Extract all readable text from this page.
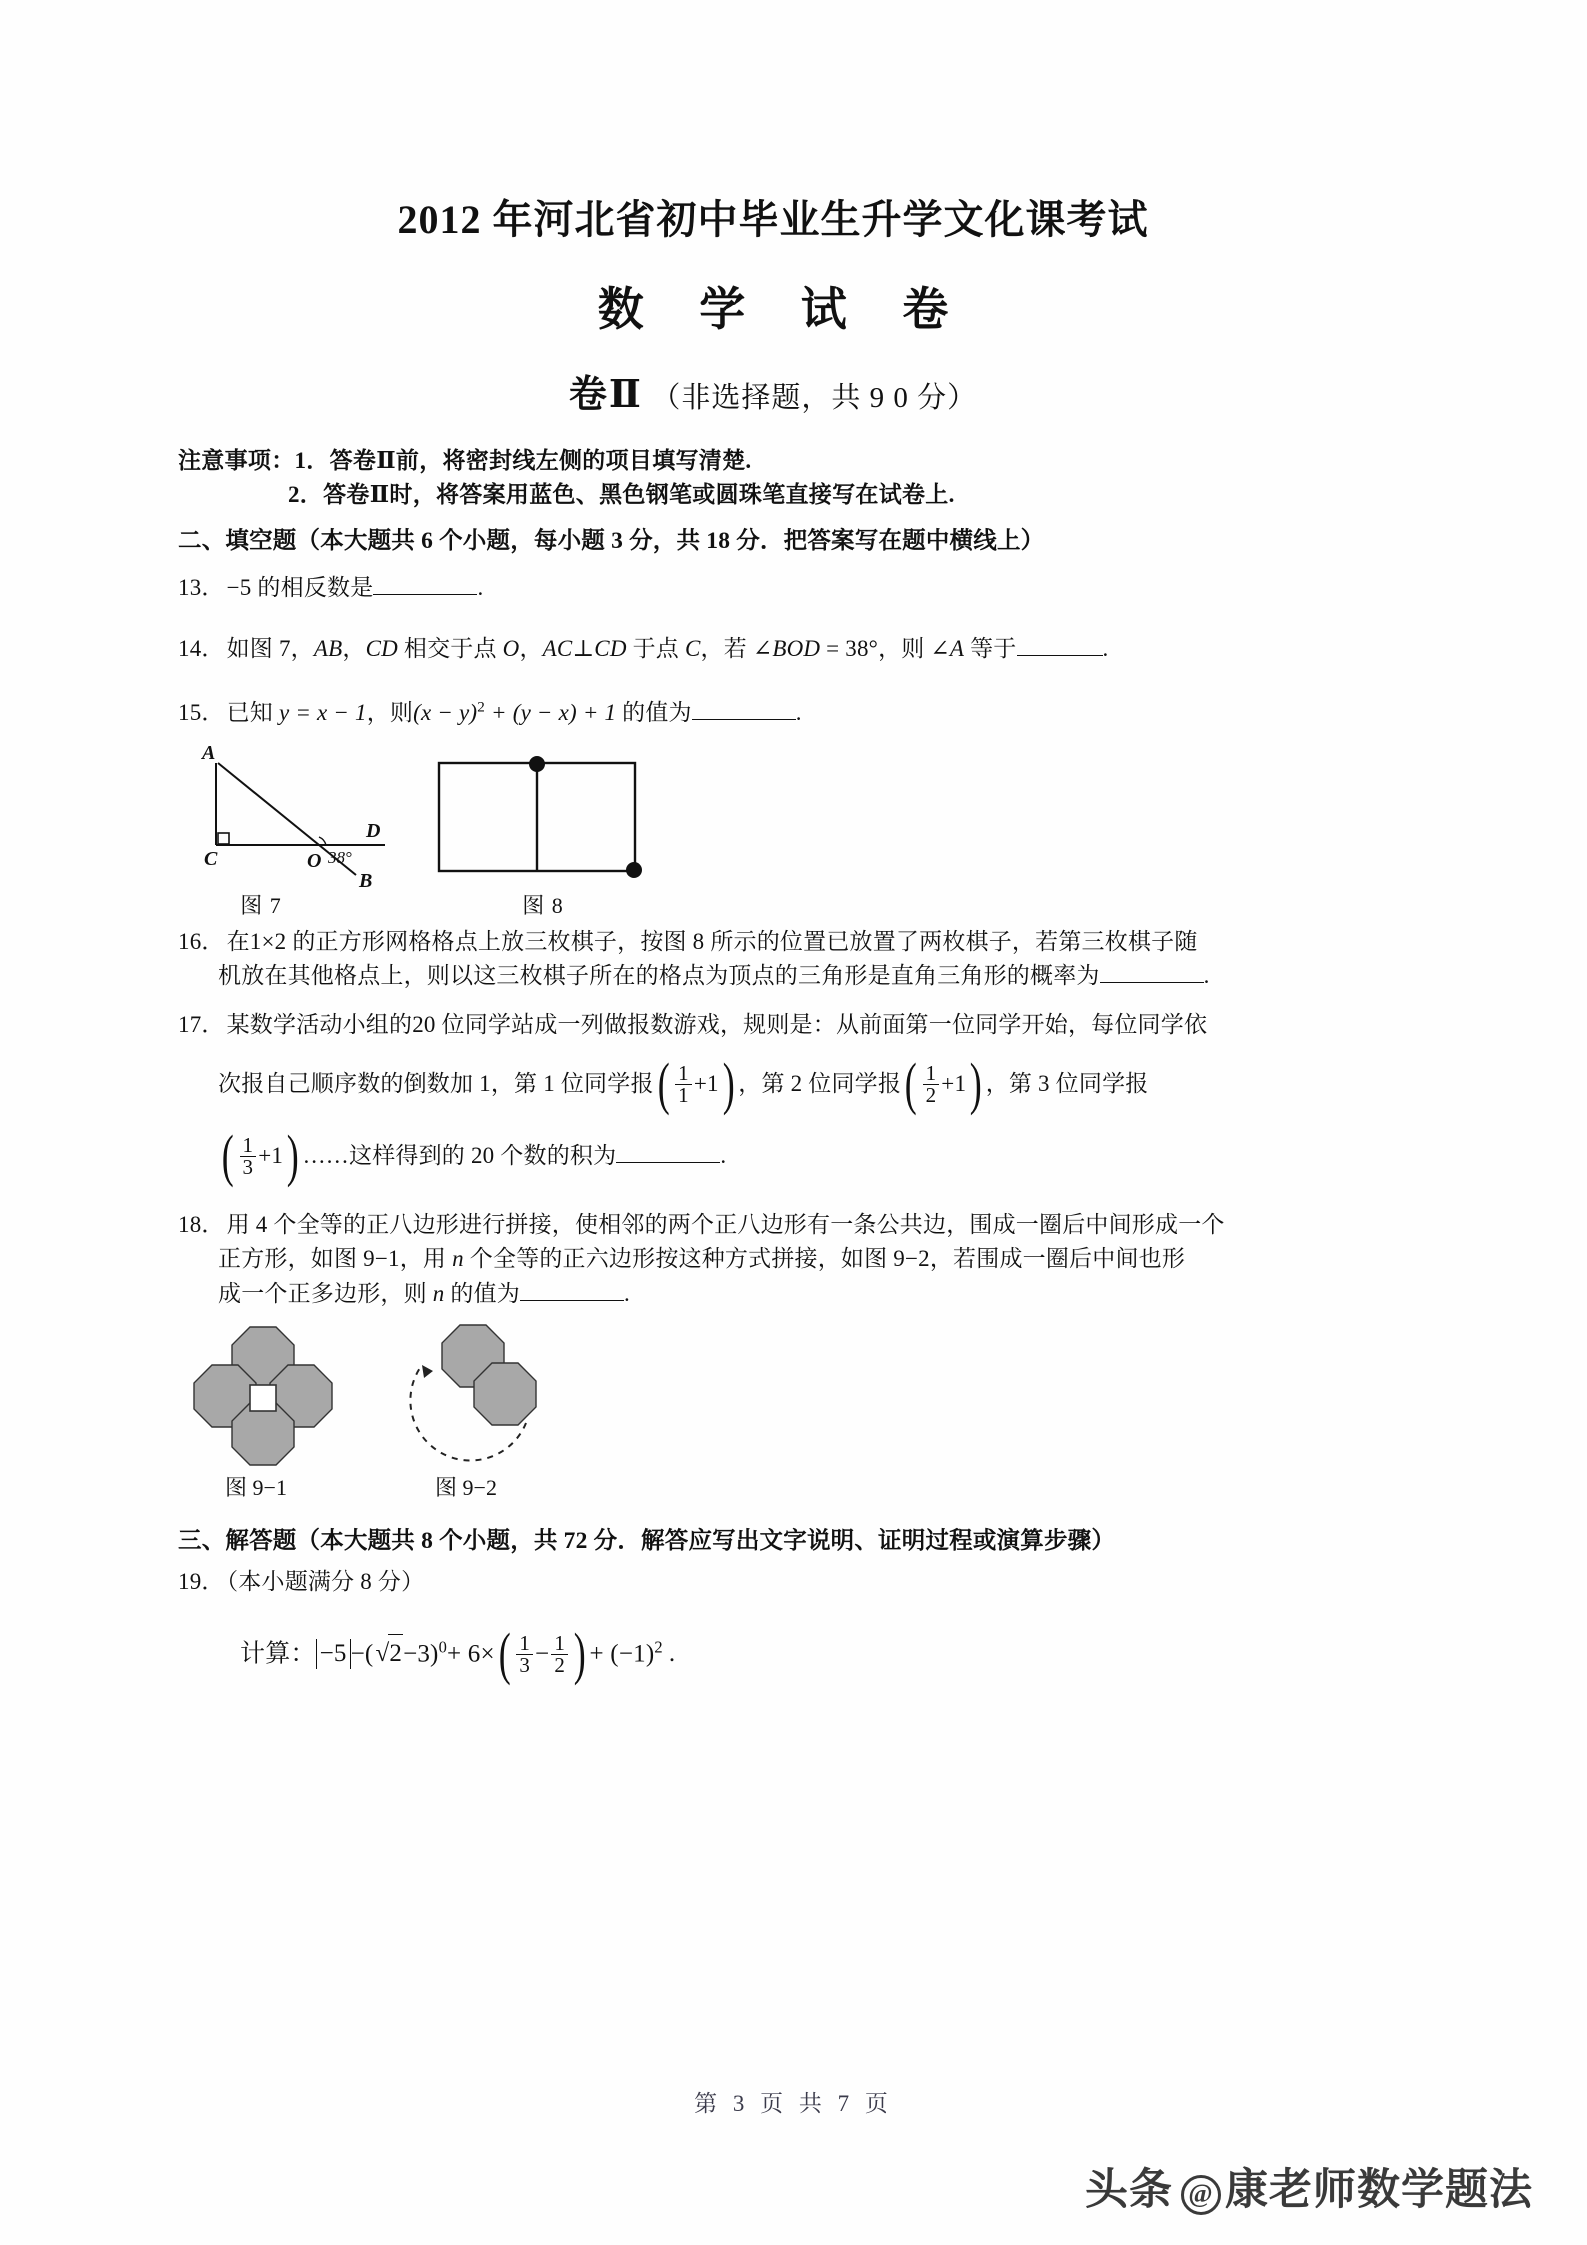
2012 年河北省初中毕业生升学文化课考试
数 学 试 卷
卷Ⅱ （非选择题，共 9 0 分）
注意事项：1．答卷Ⅱ前，将密封线左侧的项目填写清楚.
2．答卷Ⅱ时，将答案用蓝色、黑色钢笔或圆珠笔直接写在试卷上.
二、填空题（本大题共 6 个小题，每小题 3 分，共 18 分．把答案写在题中横线上）
13．−5 的相反数是	.
14．如图 7，AB，CD 相交于点 O，AC⊥CD 于点 C，若 ∠BOD = 38°，则 ∠A 等于	.
15．已知 y = x − 1，则$(x - y)^2 + (y - x) + 1$ 的值为	.
A
C	O
D
B
38°
图 7	图 8
16．在1×2 的正方形网格格点上放三枚棋子，按图 8 所示的位置已放置了两枚棋子，若第三枚棋子随
机放在其他格点上，则以这三枚棋子所在的格点为顶点的三角形是直角三角形的概率为	.
17．某数学活动小组的20 位同学站成一列做报数游戏，规则是：从前面第一位同学开始，每位同学依
次报自己顺序数的倒数加 1，第 1 位同学报( $\frac{1}{1} +1$) ，第 2 位同学报( $\frac{1}{2} +1$) ，第 3 位同学报
( $\frac{1}{3} +1$) ……这样得到的 20 个数的积为	.
18．用 4 个全等的正八边形进行拼接，使相邻的两个正八边形有一条公共边，围成一圈后中间形成一个
正方形，如图 9−1，用 n 个全等的正六边形按这种方式拼接，如图 9−2，若围成一圈后中间也形
成一个正多边形，则 n 的值为	.
图 9−1	图 9−2
三、解答题（本大题共 8 个小题，共 72 分．解答应写出文字说明、证明过程或演算步骤）
19．（本小题满分 8 分）
计算： $-5 -(√2-3)^0+ 6\times( \frac{1}{3} - \frac{1}{2}$ ) + $(-1)^2$ .
第 3 页 共 7 页
头条 @ 康老师数学题法
